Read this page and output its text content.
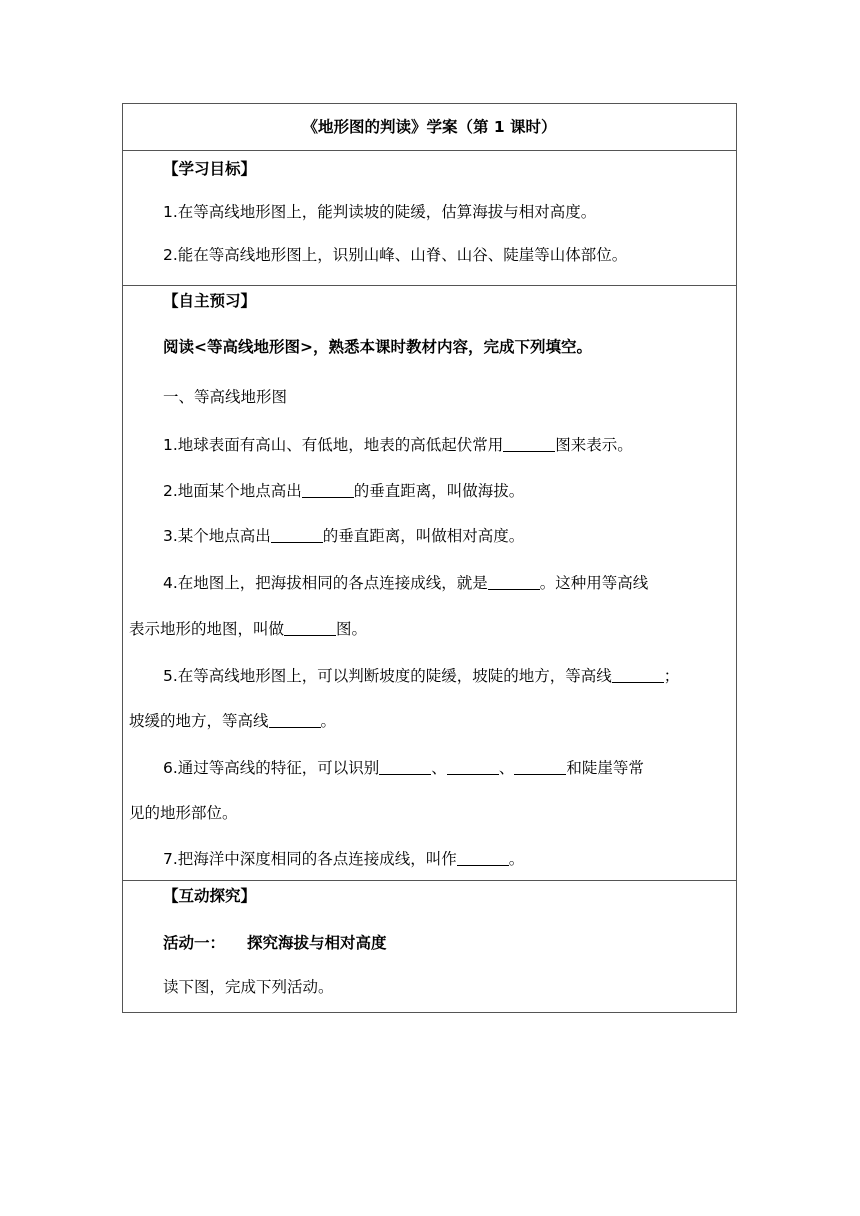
《地形图的判读》学案（第 1 课时）
【学习目标】
1.在等高线地形图上，能判读坡的陡缓，估算海拔与相对高度。
2.能在等高线地形图上，识别山峰、山脊、山谷、陡崖等山体部位。
【自主预习】
阅读<等高线地形图>，熟悉本课时教材内容，完成下列填空。
一、等高线地形图
1.地球表面有高山、有低地，地表的高低起伏常用	图来表示。
2.地面某个地点高出	的垂直距离，叫做海拔。
3.某个地点高出	的垂直距离，叫做相对高度。
4.在地图上，把海拔相同的各点连接成线，就是	。这种用等高线
表示地形的地图，叫做	图。
5.在等高线地形图上，可以判断坡度的陡缓，坡陡的地方，等高线	；
坡缓的地方，等高线	。
6.通过等高线的特征，可以识别	、	、	和陡崖等常
见的地形部位。
7.把海洋中深度相同的各点连接成线，叫作	。
【互动探究】
活动一： 探究海拔与相对高度
读下图，完成下列活动。
